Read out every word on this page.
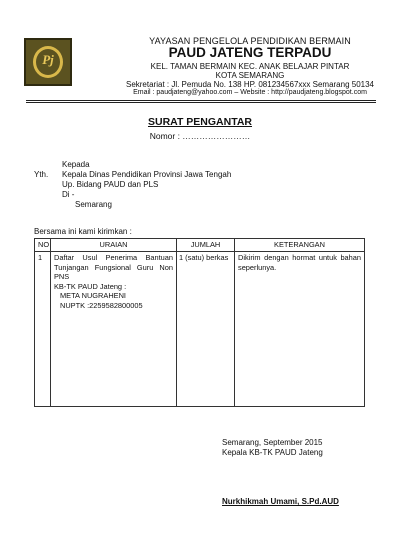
Pj
YAYASAN PENGELOLA PENDIDIKAN BERMAIN
PAUD JATENG TERPADU
KEL. TAMAN BERMAIN KEC. ANAK BELAJAR PINTAR
KOTA SEMARANG
Sekretariat : Jl. Pemuda No. 138 HP. 081234567xxx Semarang 50134
Email : paudjateng@yahoo.com – Website : http://paudjateng.blogspot.com
SURAT PENGANTAR
Nomor : ……………………
Kepada
Yth. Kepala Dinas Pendidikan Provinsi Jawa Tengah
Up. Bidang PAUD dan PLS
Di -
Semarang
Bersama ini kami kirimkan :
NO	URAIAN	JUMLAH	KETERANGAN
1	Daftar Usul Penerima Bantuan Tunjangan Fungsional Guru Non PNS
KB-TK PAUD Jateng :
META NUGRAHENI
NUPTK :2259582800005	1 (satu) berkas	Dikirim dengan hormat untuk bahan seperlunya.
Semarang, September 2015
Kepala KB-TK PAUD Jateng
Nurkhikmah Umami, S.Pd.AUD
